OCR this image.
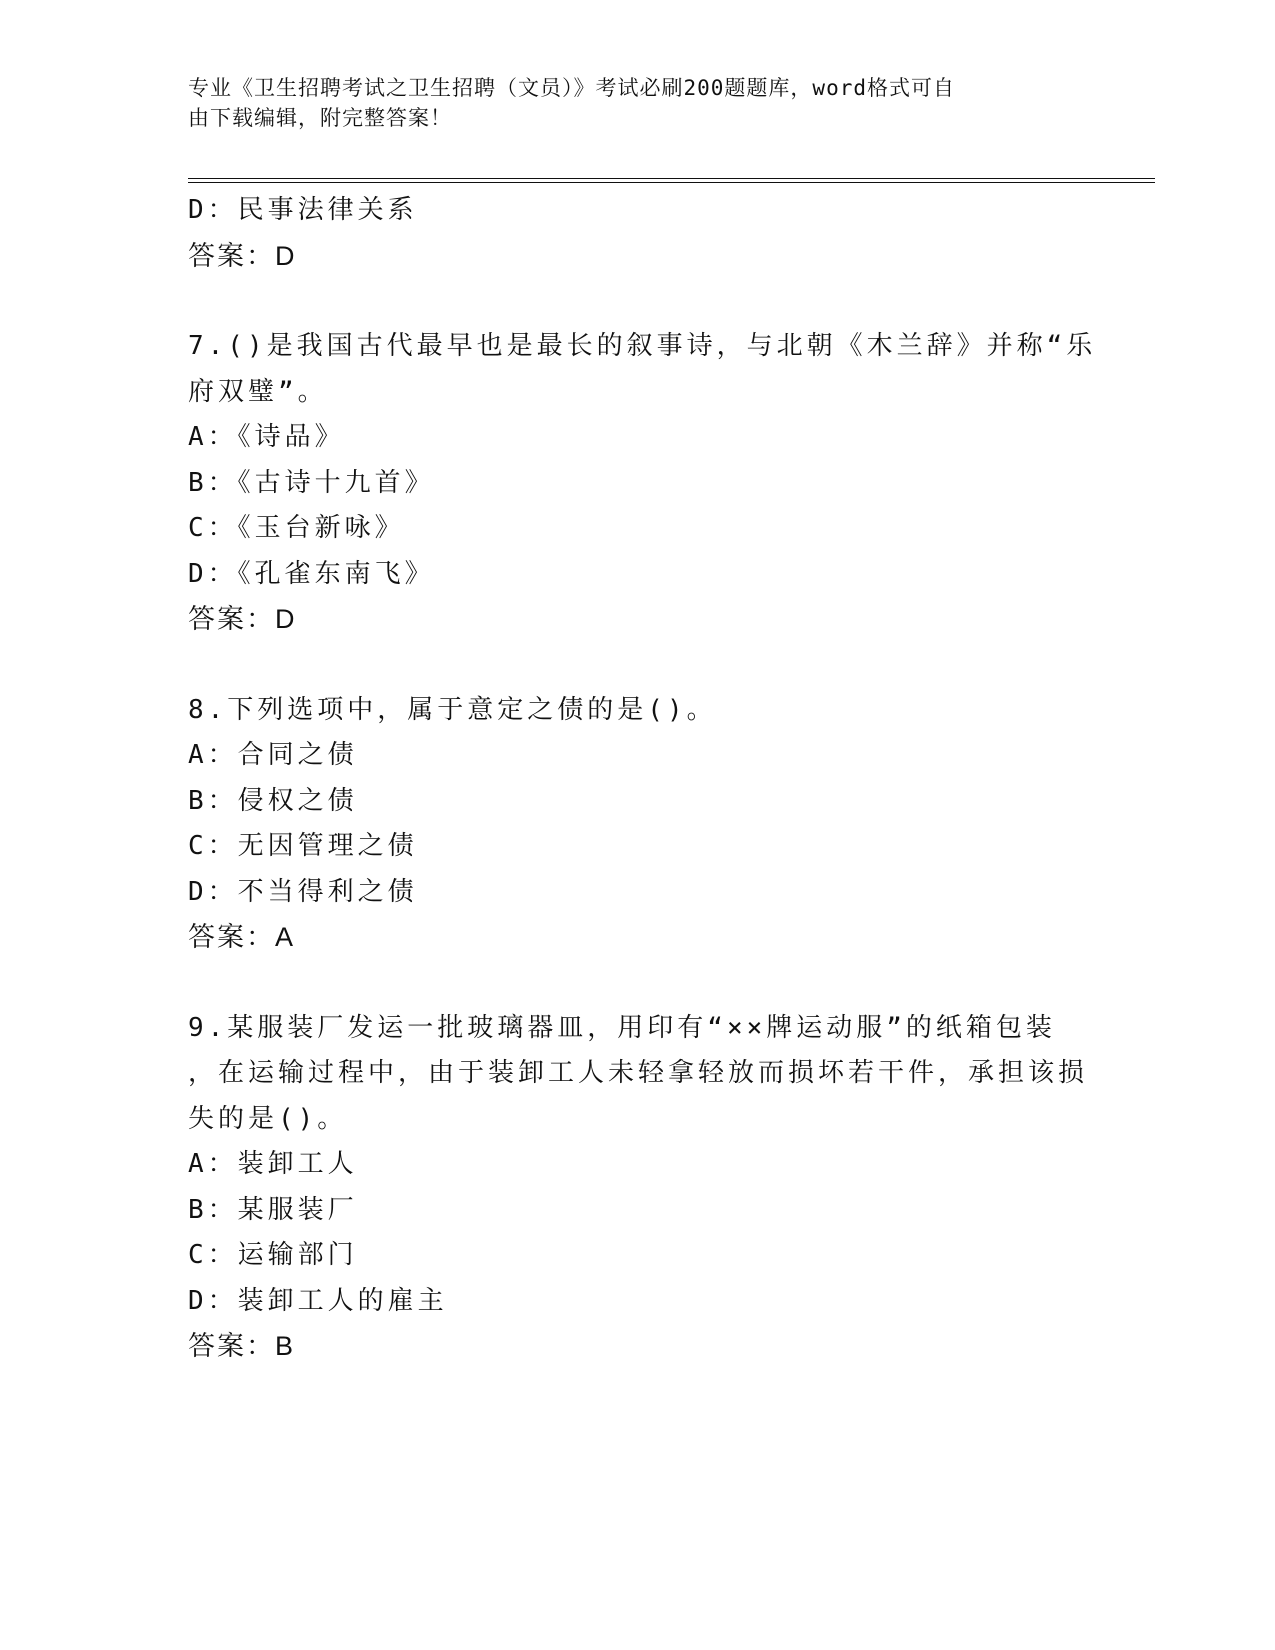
专业《卫生招聘考试之卫生招聘（文员）》考试必刷200题题库，word格式可自
由下载编辑，附完整答案！
D：民事法律关系
答案：D
7.()是我国古代最早也是最长的叙事诗，与北朝《木兰辞》并称“乐
府双璧”。
A：《诗品》
B：《古诗十九首》
C：《玉台新咏》
D：《孔雀东南飞》
答案：D
8.下列选项中，属于意定之债的是()。
A：合同之债
B：侵权之债
C：无因管理之债
D：不当得利之债
答案：A
9.某服装厂发运一批玻璃器皿，用印有“××牌运动服”的纸箱包装
，在运输过程中，由于装卸工人未轻拿轻放而损坏若干件，承担该损
失的是()。
A：装卸工人
B：某服装厂
C：运输部门
D：装卸工人的雇主
答案：B
